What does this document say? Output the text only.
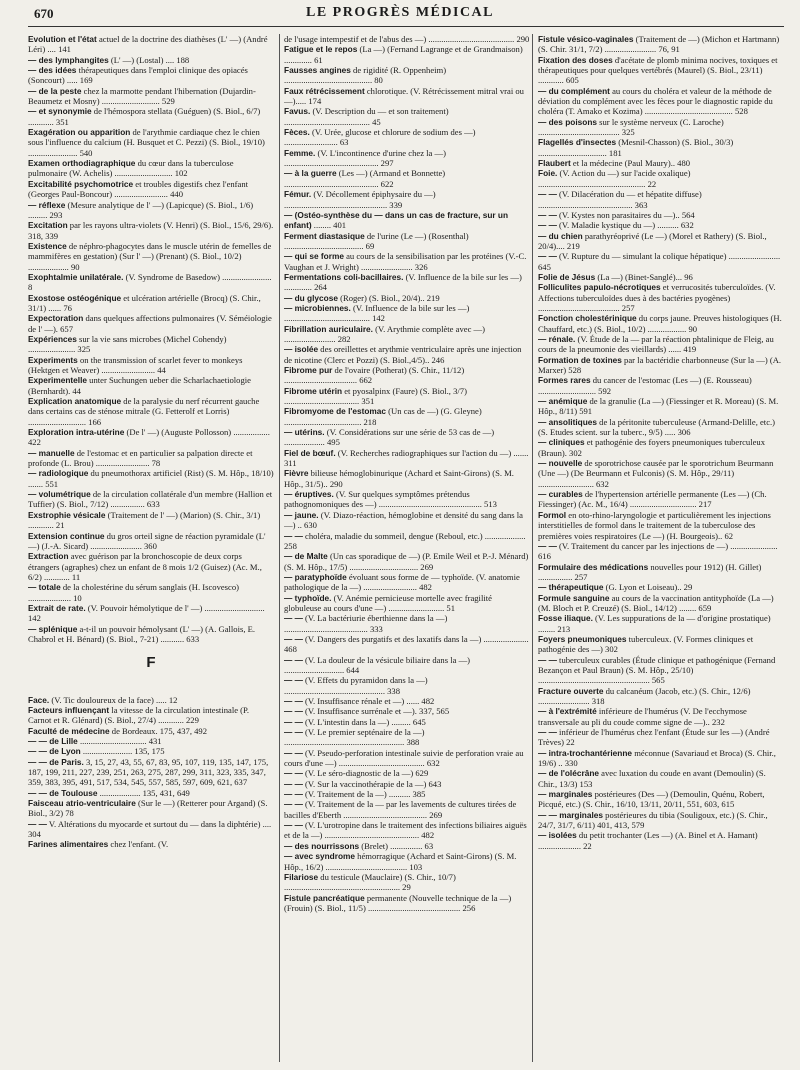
670	LE PROGRÈS MÉDICAL

Evolution et l'état actuel de la doctrine des diathèses (L' —) (André Léri) .... 141

— des lymphangites (L' —) (Lostal) .... 188

— des idées thérapeutiques dans l'emploi clinique des opiacés (Soncourt) ..... 169

— de la peste chez la marmotte pendant l'hibernation (Dujardin-Beaumetz et Mosny) ........................... 529

— et synonymie de l'hémospora stellata (Guéguen) (S. Biol., 6/7) ............ 351

Exagération ou apparition de l'arythmie cardiaque chez le chien sous l'influence du calcium (H. Busquet et C. Pezzi) (S. Biol., 19/10) ....................... 540

Examen orthodiagraphique du cœur dans la tuberculose pulmonaire (W. Achelis) ........................... 102

Excitabilité psychomotrice et troubles digestifs chez l'enfant (Georges Paul-Boncour) ......................... 440

— réflexe (Mesure analytique de l' —) (Lapicque) (S. Biol., 1/6) ......... 293

Excitation par les rayons ultra-violets (V. Henri) (S. Biol., 15/6, 29/6). 318, 339

Existence de néphro-phagocytes dans le muscle utérin de femelles de mammifères en gestation) (Sur l' —) (Prenant) (S. Biol., 10/2) ................... 90

Exophtalmie unilatérale. (V. Syndrome de Basedow) ....................... 8

Exostose ostéogénique et ulcération artérielle (Brocq) (S. Chir., 31/1) ...... 76

Expectoration dans quelques affections pulmonaires (V. Séméiologie de l' —). 657

Expériences sur la vie sans microbes (Michel Cohendy) ...................... 325

Experiments on the transmission of scarlet fever to monkeys (Hektgen et Weaver) ......................... 44

Experimentelle unter Suchungen ueber die Scharlachaetiologie (Bernhardt). 44

Explication anatomique de la paralysie du nerf récurrent gauche dans certains cas de sténose mitrale (G. Fetterolf et Lorris) ........................... 166

Exploration intra-utérine (De l' —) (Auguste Pollosson) ................. 422

— manuelle de l'estomac et en particulier sa palpation directe et profonde (L. Brou) ......................... 78

— radiologique du pneumothorax artificiel (Rist) (S. M. Hôp., 18/10) ....... 551

— volumétrique de la circulation collatérale d'un membre (Hallion et Tuffier) (S. Biol., 7/12) ................ 633

Exstrophie vésicale (Traitement de l' —) (Marion) (S. Chir., 3/1) ............ 21

Extension continue du gros orteil signe de réaction pyramidale (L' —) (J.-A. Sicard) ........................ 360

Extraction avec guérison par la bronchoscopie de deux corps étrangers (agraphes) chez un enfant de 8 mois 1/2 (Guisez) (Ac. M., 6/2) ............ 11

— totale de la cholestérine du sérum sanglais (H. Iscovesco) .................... 10

Extrait de rate. (V. Pouvoir hémolytique de l' —) ............................ 142

— splénique a-t-il un pouvoir hémolysant (L' —) (A. Gallois, E. Chabrol et H. Bénard) (S. Biol., 7-21) ........... 633

F

Face. (V. Tic douloureux de la face) ..... 12

Facteurs influençant la vitesse de la circulation intestinale (P. Carnot et R. Glénard) (S. Biol., 27/4) ............ 229

Faculté de médecine de Bordeaux. 175, 437, 492

— — de Lille ............................... 431

— — de Lyon ....................... 135, 175

— — de Paris. 3, 15, 27, 43, 55, 67, 83, 95, 107, 119, 135, 147, 175, 187, 199, 211, 227, 239, 251, 263, 275, 287, 299, 311, 323, 335, 347, 359, 383, 395, 491, 517, 534, 545, 557, 585, 597, 609, 621, 637

— — de Toulouse ................... 135, 431, 649

Faisceau atrio-ventriculaire (Sur le —) (Retterer pour Argand) (S. Biol., 3/2) 78

— — V. Altérations du myocarde et surtout du — dans la diphtérie) .... 304

Farines alimentaires chez l'enfant. (V.

de l'usage intempestif et de l'abus des —) ........................................ 290

Fatigue et le repos (La —) (Fernand Lagrange et de Grandmaison) ............. 61

Fausses angines de rigidité (R. Oppenheim) ......................................... 80

Faux rétrécissement chlorotique. (V. Rétrécissement mitral vrai ou —)..... 174

Favus. (V. Description du — et son traitement) ........................................ 45

Fèces. (V. Urée, glucose et chlorure de sodium des —) ......................... 63

Femme. (V. L'incontinence d'urine chez la —) ............................................ 297

— à la guerre (Les —) (Armand et Bonnette) ............................................ 622

Fémur. (V. Décollement épiphysaire du —) ................................................ 339

— (Ostéo-synthèse du — dans un cas de fracture, sur un enfant) ........ 401

Ferment diastasique de l'urine (Le —) (Rosenthal) ..................................... 69

— qui se forme au cours de la sensibilisation par les protéines (V.-C. Vaughan et J. Wright) ........................ 326

Fermentations coli-bacillaires. (V. Influence de la bile sur les —) ............. 264

— du glycose (Roger) (S. Biol., 20/4).. 219

— microbiennes. (V. Influence de la bile sur les —) ........................................ 142

Fibrillation auriculaire. (V. Arythmie complète avec —) ........................ 282

— isolée des oreillettes et arythmie ventriculaire après une injection de nicotine (Clerc et Pozzi) (S. Biol.,4/5).. 246

Fibrome pur de l'ovaire (Potherat) (S. Chir., 11/12) .................................. 662

Fibrome utérin et pyosalpinx (Faure) (S. Biol., 3/7) ................................... 351

Fibromyome de l'estomac (Un cas de —) (G. Gleyne) .................................... 218

— utérins. (V. Considérations sur une série de 53 cas de —) ................... 495

Fiel de bœuf. (V. Recherches radiographiques sur l'action du —) ....... 311

Fièvre bilieuse hémoglobinurique (Achard et Saint-Girons) (S. M. Hôp., 31/5).. 290

— éruptives. (V. Sur quelques symptômes prétendus pathognomoniques des —) ................................................ 513

— jaune. (V. Diazo-réaction, hémoglobine et densité du sang dans la —) .. 630

— — choléra, maladie du sommeil, dengue (Reboul, etc.) ................... 258

— de Malte (Un cas sporadique de —) (P. Emile Weil et P.-J. Ménard) (S. M. Hôp., 17/5) ................................ 269

— paratyphoïde évoluant sous forme de — typhoïde. (V. anatomie pathologique de la —) ......................... 482

— typhoïde. (V. Anémie pernicieuse mortelle avec fragilité globuleuse au cours d'une —) .......................... 51

— — (V. La bactériurie éberthienne dans la —) ....................................... 333

— — (V. Dangers des purgatifs et des laxatifs dans la —) ..................... 468

— — (V. La douleur de la vésicule biliaire dans la —) ............................ 644

— — (V. Effets du pyramidon dans la —) ............................................... 338

— — (V. Insuffisance rénale et —) ...... 482

— — (V. Insuffisance surrénale et —). 337, 565

— — (V. L'intestin dans la —) ......... 645

— — (V. Le premier septénaire de la —) ........................................................ 388

— — (V. Pseudo-perforation intestinale suivie de perforation vraie au cours d'une —) ........................................ 632

— — (V. Le séro-diagnostic de la —) 629

— — (V. Sur la vaccinothérapie de la —) 643

— — (V. Traitement de la —) .......... 385

— — (V. Traitement de la — par les lavements de cultures tirées de bacilles d'Eberth ....................................... 269

— — (V. L'urotropine dans le traitement des infections biliaires aiguës et de la —) ............................................ 482

— des nourrissons (Brelet) ............... 63

— avec syndrome hémorragique (Achard et Saint-Girons) (S. M. Hôp., 16/2) ...................................... 103

Filariose du testicule (Mauclaire) (S. Chir., 10/7) ...................................................... 29

Fistule pancréatique permanente (Nouvelle technique de la —) (Frouin) (S. Biol., 11/5) ........................................... 256

Fistule vésico-vaginales (Traitement de —) (Michon et Hartmann) (S. Chir. 31/1, 7/2) ........................ 76, 91

Fixation des doses d'acétate de plomb minima nocives, toxiques et thérapeutiques pour quelques vertébrés (Maurel) (S. Biol., 23/11) ............ 605

— du complément au cours du choléra et valeur de la méthode de déviation du complément avec les fèces pour le diagnostic rapide du choléra (T. Amako et Kozima) ......................................... 528

— des poisons sur le système nerveux (C. Laroche) ...................................... 325

Flagellés d'insectes (Mesnil-Chasson) (S. Biol., 30/3) ................................ 181

Flaubert et la médecine (Paul Maury).. 480

Foie. (V. Action du —) sur l'acide oxalique) .................................................. 22

— — (V. Dilacération du — et hépatite diffuse) ............................................ 363

— — (V. Kystes non parasitaires du —).. 564

— — (V. Maladie kystique du —) .......... 632

— du chien parathyréoprivé (Le —) (Morel et Rathery) (S. Biol., 20/4).... 219

— — (V. Rupture du — simulant la colique hépatique) ........................ 645

Folie de Jésus (La —) (Binet-Sanglé)... 96

Folliculites papulo-nécrotiques et verrucosités tuberculoïdes. (V. Affections tuberculoïdes dues à des bactéries pyogènes) ...................................... 257

Fonction cholestérinique du corps jaune. Preuves histologiques (H. Chauffard, etc.) (S. Biol., 10/2) .................. 90

— rénale. (V. Étude de la — par la réaction phtalinique de Fleig, au cours de la pneumonie des vieillards) ...... 419

Formation de toxines par la bactéridie charbonneuse (Sur la —) (A. Marxer) 528

Formes rares du cancer de l'estomac (Les —) (E. Rousseau) ........................... 592

— anémique de la granulie (La —) (Fiessinger et R. Moreau) (S. M. Hôp., 8/11) 591

— ansolitiques de la péritonite tuberculeuse (Armand-Delille, etc.) (S. Etudes scient. sur la tuberc., 9/5) ..... 306

— cliniques et pathogénie des foyers pneumoniques tuberculeux (Braun). 302

— nouvelle de sporotrichose causée par le sporotrichum Beurmann (Une —) (De Beurmann et Fulconis) (S. M. Hôp., 29/11) .......................... 632

— curables de l'hypertension artérielle permanente (Les —) (Ch. Fiessinger) (Ac. M., 16/4) ............................... 217

Formol en oto-rhino-laryngologie et particulièrement les injections interstitielles de formol dans le traitement de la tuberculose des premières voies respiratoires (Le —) (H. Bourgeois).. 62

— — (V. Traitement du cancer par les injections de —) ...................... 616

Formulaire des médications nouvelles pour 1912) (H. Gillet) ................ 257

— thérapeutique (G. Lyon et Loiseau).. 29

Formule sanguine au cours de la vaccination antityphoïde (La —) (M. Bloch et P. Creuzé) (S. Biol., 14/12) ........ 659

Fosse iliaque. (V. Les suppurations de la — d'origine prostatique) ........ 213

Foyers pneumoniques tuberculeux. (V. Formes cliniques et pathogénie des —) 302

— — tuberculeux curables (Étude clinique et pathogénique (Fernand Bezançon et Paul Braun) (S. M. Hôp., 25/10) .................................................... 565

Fracture ouverte du calcanéum (Jacob, etc.) (S. Chir., 12/6) ........................ 318

— à l'extrémité inférieure de l'humérus (V. De l'ecchymose transversale au pli du coude comme signe de —).. 232

— — inférieur de l'humérus chez l'enfant (Étude sur les —) (André Trèves) 22

— intra-trochantérienne méconnue (Savariaud et Broca) (S. Chir., 19/6) .. 330

— de l'olécrâne avec luxation du coude en avant (Demoulin) (S. Chir., 13/3) 153

— marginales postérieures (Des —) (Demoulin, Quénu, Robert, Picqué, etc.) (S. Chir., 16/10, 13/11, 20/11, 551, 603, 615

— — marginales postérieures du tibia (Souligoux, etc.) (S. Chir., 24/7, 31/7, 6/11) 401, 413, 579

— isolées du petit trochanter (Les —) (A. Binel et A. Hamant) .................... 22
